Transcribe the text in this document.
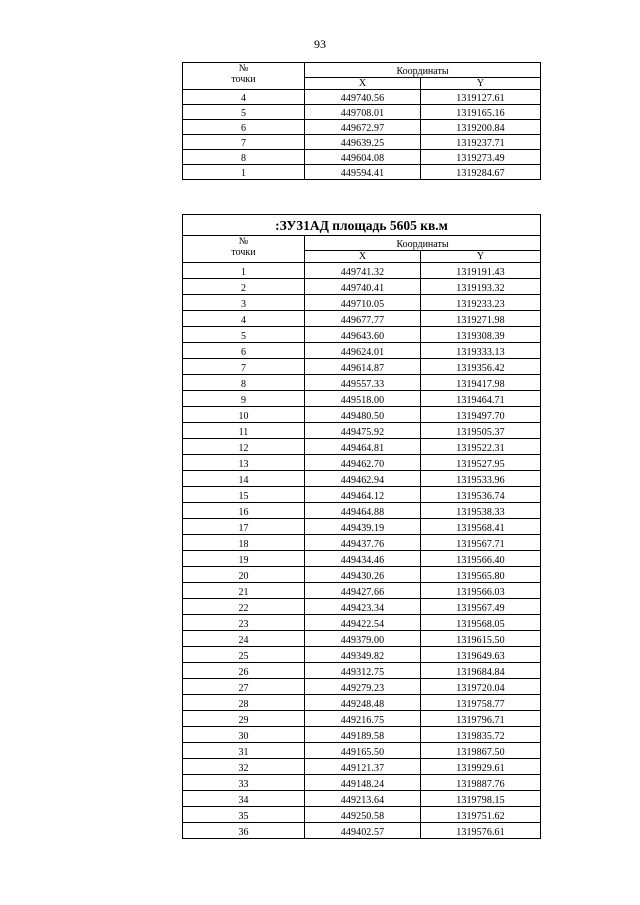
93
№
точки	Координаты	
	X	Y
4	449740.56	1319127.61
5	449708.01	1319165.16
6	449672.97	1319200.84
7	449639.25	1319237.71
8	449604.08	1319273.49
1	449594.41	1319284.67
:ЗУ31АД площадь 5605 кв.м		

№
точки	Координаты	
	X	Y
1	449741.32	1319191.43
2	449740.41	1319193.32
3	449710.05	1319233.23
4	449677.77	1319271.98
5	449643.60	1319308.39
6	449624.01	1319333.13
7	449614.87	1319356.42
8	449557.33	1319417.98
9	449518.00	1319464.71
10	449480.50	1319497.70
11	449475.92	1319505.37
12	449464.81	1319522.31
13	449462.70	1319527.95
14	449462.94	1319533.96
15	449464.12	1319536.74
16	449464.88	1319538.33
17	449439.19	1319568.41
18	449437.76	1319567.71
19	449434.46	1319566.40
20	449430.26	1319565.80
21	449427.66	1319566.03
22	449423.34	1319567.49
23	449422.54	1319568.05
24	449379.00	1319615.50
25	449349.82	1319649.63
26	449312.75	1319684.84
27	449279.23	1319720.04
28	449248.48	1319758.77
29	449216.75	1319796.71
30	449189.58	1319835.72
31	449165.50	1319867.50
32	449121.37	1319929.61
33	449148.24	1319887.76
34	449213.64	1319798.15
35	449250.58	1319751.62
36	449402.57	1319576.61
